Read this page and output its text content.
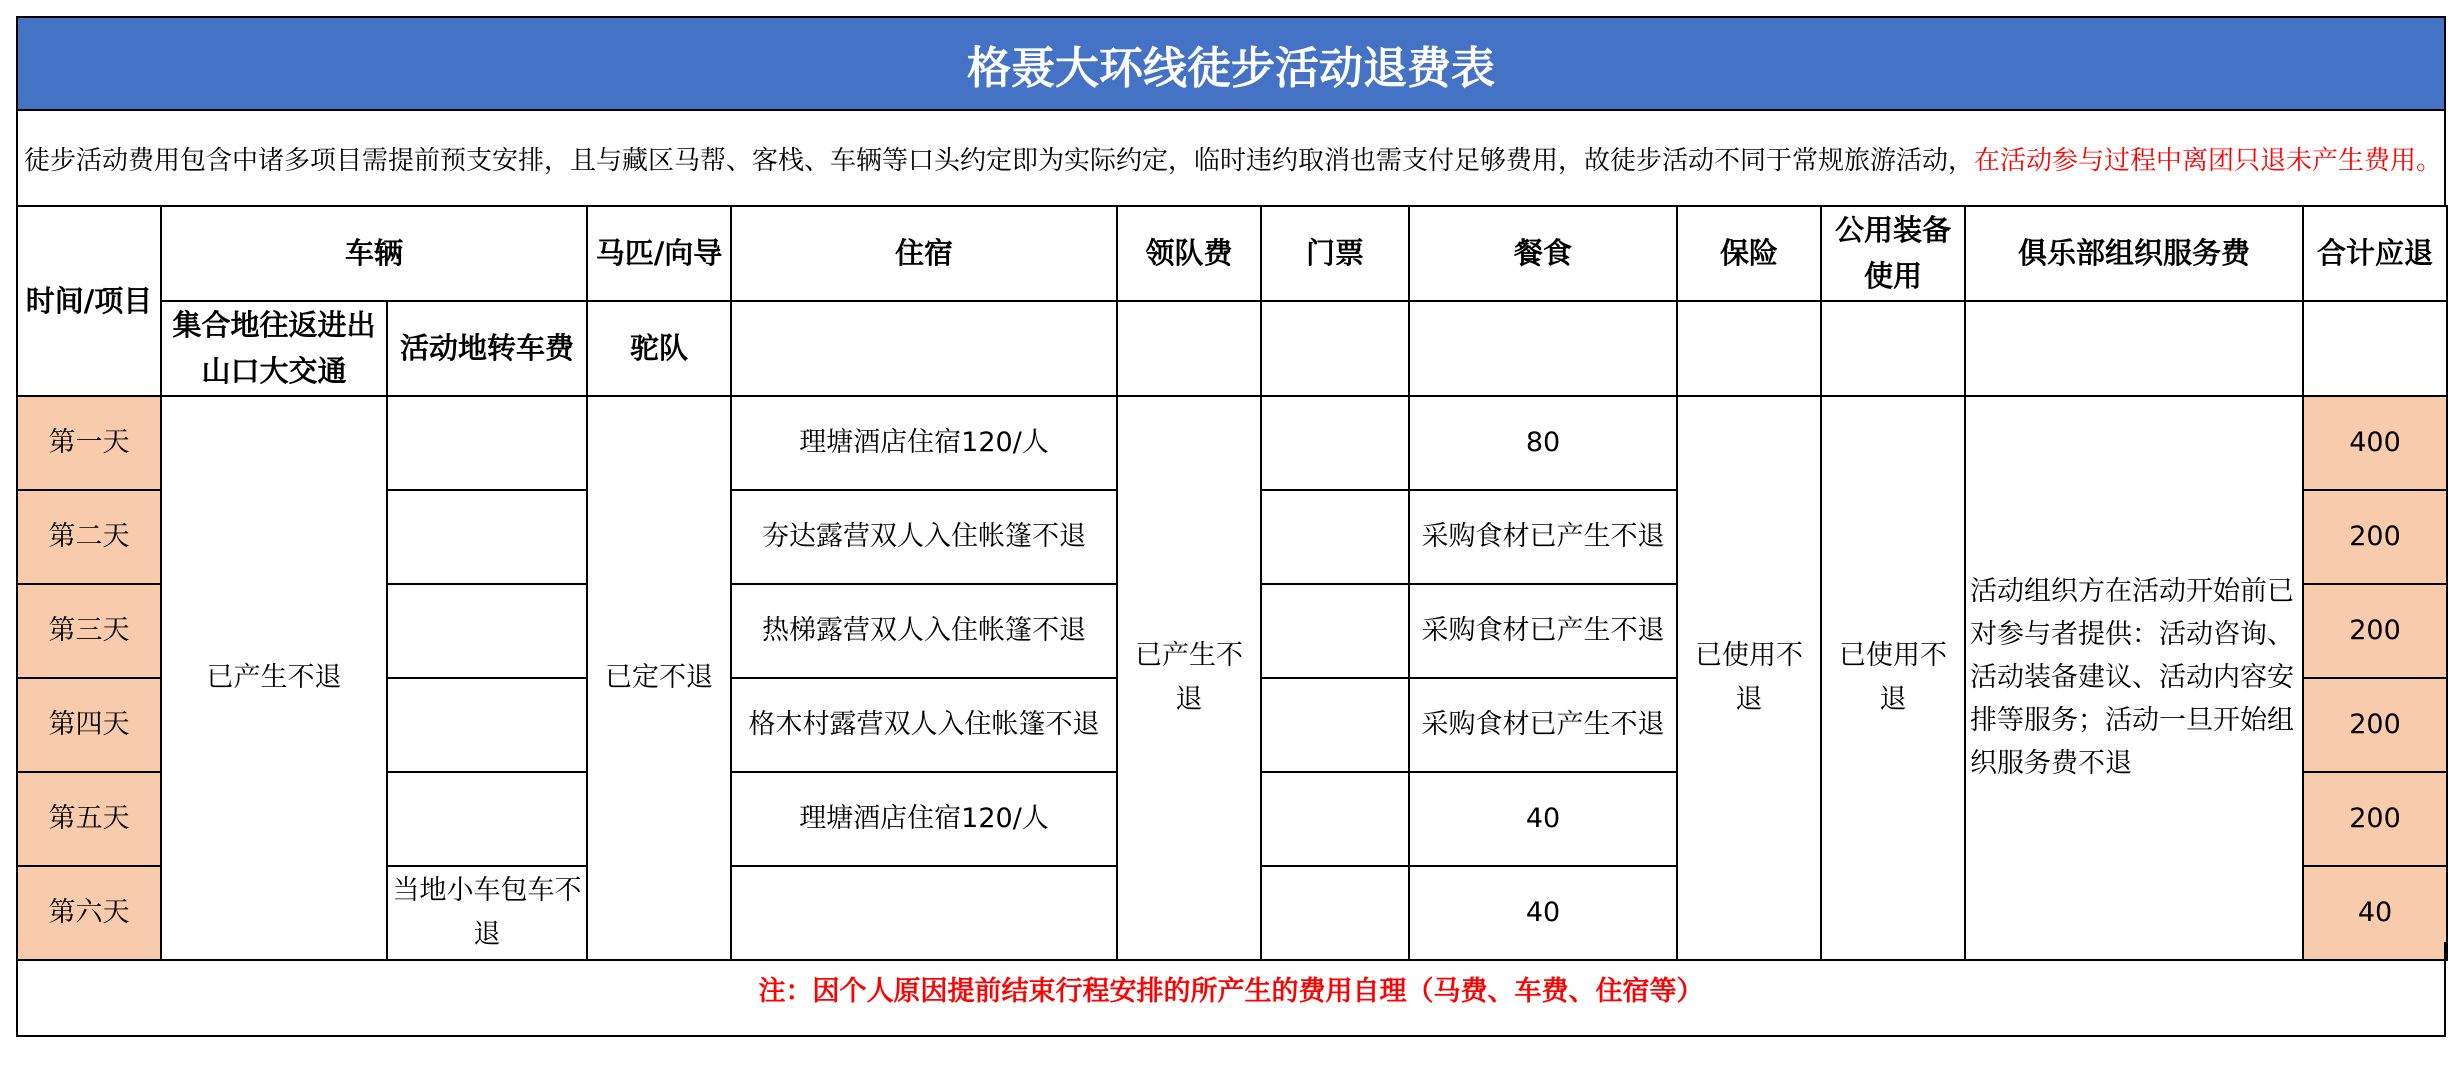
格聂大环线徒步活动退费表
徒步活动费用包含中诸多项目需提前预支安排，且与藏区马帮、客栈、车辆等口头约定即为实际约定，临时违约取消也需支付足够费用，故徒步活动不同于常规旅游活动， 在活动参与过程中离团只退未产生费用。
时间/项目	车辆		马匹/向导	住宿	领队费	门票	餐食	保险	公用装备使用	俱乐部组织服务费	合计应退
	集合地往返进出山口大交通	活动地转车费	驼队								
第一天	已产生不退		已定不退	理塘酒店住宿120/人	已产生不退		80	已使用不退	已使用不退	活动组织方在活动开始前已对参与者提供：活动咨询、活动装备建议、活动内容安排等服务；活动一旦开始组织服务费不退	400
第二天				夯达露营双人入住帐篷不退			采购食材已产生不退				200
第三天				热梯露营双人入住帐篷不退			采购食材已产生不退				200
第四天				格木村露营双人入住帐篷不退			采购食材已产生不退				200
第五天				理塘酒店住宿120/人			40				200
第六天		当地小车包车不退					40				40
注：因个人原因提前结束行程安排的所产生的费用自理（马费、车费、住宿等）
